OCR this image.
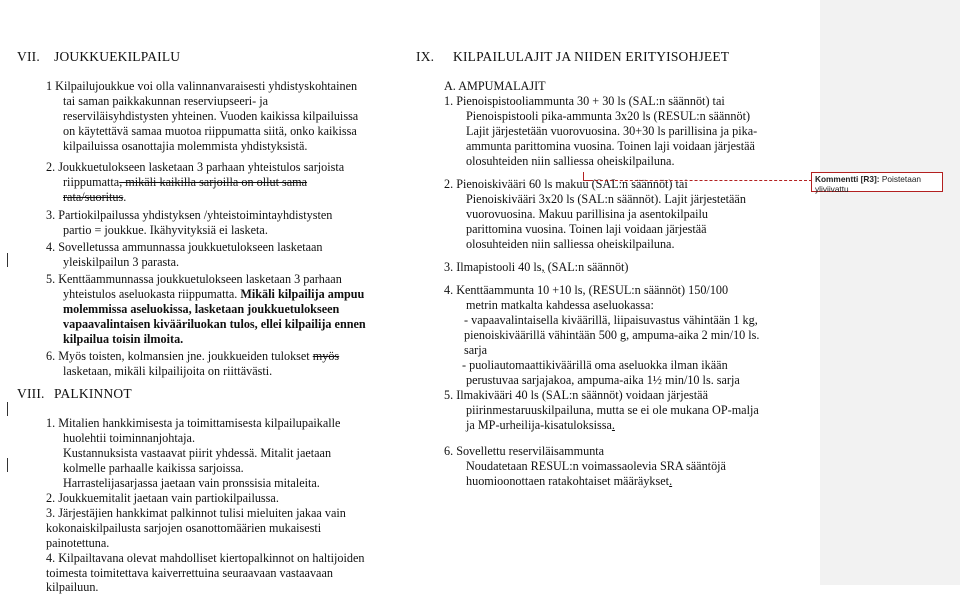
VII. JOUKKUEKILPAILU
1 Kilpailujoukkue voi olla valinnanvaraisesti yhdistyskohtainen
tai saman paikkakunnan reserviupseeri- ja
reserviläisyhdistysten yhteinen. Vuoden kaikissa kilpailuissa
on käytettävä samaa muotoa riippumatta siitä, onko kaikissa
kilpailuissa osanottajia molemmista yhdistyksistä.
2. Joukkuetulokseen lasketaan 3 parhaan yhteistulos sarjoista
riippumatta, mikäli kaikilla sarjoilla on ollut sama
rata/suoritus.
3. Partiokilpailussa yhdistyksen /yhteistoimintayhdistysten
partio = joukkue. Ikähyvityksiä ei lasketa.
4. Sovelletussa ammunnassa joukkuetulokseen lasketaan
yleiskilpailun 3 parasta.
5. Kenttäammunnassa joukkuetulokseen lasketaan 3 parhaan
yhteistulos aseluokasta riippumatta. Mikäli kilpailija ampuu
molemmissa aseluokissa, lasketaan joukkuetulokseen
vapaavalintaisen kivääriluokan tulos, ellei kilpailija ennen
kilpailua toisin ilmoita.
6. Myös toisten, kolmansien jne. joukkueiden tulokset myös
lasketaan, mikäli kilpailijoita on riittävästi.
VIII. PALKINNOT
1. Mitalien hankkimisesta ja toimittamisesta kilpailupaikalle
huolehtii toiminnanjohtaja.
Kustannuksista vastaavat piirit yhdessä. Mitalit jaetaan
kolmelle parhaalle kaikissa sarjoissa.
Harrastelijasarjassa jaetaan vain pronssisia mitaleita.
2. Joukkuemitalit jaetaan vain partiokilpailussa.
3. Järjestäjien hankkimat palkinnot tulisi mieluiten jakaa vain
kokonaiskilpailusta sarjojen osanottomäärien mukaisesti
painotettuna.
4. Kilpailtavana olevat mahdolliset kiertopalkinnot on haltijoiden
toimesta toimitettava kaiverrettuina seuraavaan vastaavaan
kilpailuun.
IX. KILPAILULAJIT JA NIIDEN ERITYISOHJEET
A. AMPUMALAJIT
1. Pienoispistooliammunta 30 + 30 ls (SAL:n säännöt) tai
Pienoispistooli pika-ammunta 3x20 ls (RESUL:n säännöt)
Lajit järjestetään vuorovuosina. 30+30 ls parillisina ja pika-
ammunta parittomina vuosina. Toinen laji voidaan järjestää
olosuhteiden niin salliessa oheiskilpailuna.
2. Pienoiskivääri 60 ls makuu (SAL:n säännöt) tai
Pienoiskivääri 3x20 ls (SAL:n säännöt). Lajit järjestetään
vuorovuosina. Makuu parillisina ja asentokilpailu
parittomina vuosina. Toinen laji voidaan järjestää
olosuhteiden niin salliessa oheiskilpailuna.
3. Ilmapistooli 40 ls, (SAL:n säännöt)
4. Kenttäammunta 10 +10 ls, (RESUL:n säännöt) 150/100
metrin matkalta kahdessa aseluokassa:
- vapaavalintaisella kiväärillä, liipaisuvastus vähintään 1 kg,
pienoiskiväärillä vähintään 500 g, ampuma-aika 2 min/10 ls.
sarja
- puoliautomaattikiväärillä oma aseluokka ilman ikään
perustuvaa sarjajakoa, ampuma-aika 1½ min/10 ls. sarja
5. Ilmakivääri 40 ls (SAL:n säännöt) voidaan järjestää
piirinmestaruuskilpailuna, mutta se ei ole mukana OP-malja
ja MP-urheilija-kisatuloksissa.
6. Sovellettu reserviläisammunta
Noudatetaan RESUL:n voimassaolevia SRA sääntöjä
huomioonottaen ratakohtaiset määräykset.
Kommentti [R3]: Poistetaan yliviivattu
